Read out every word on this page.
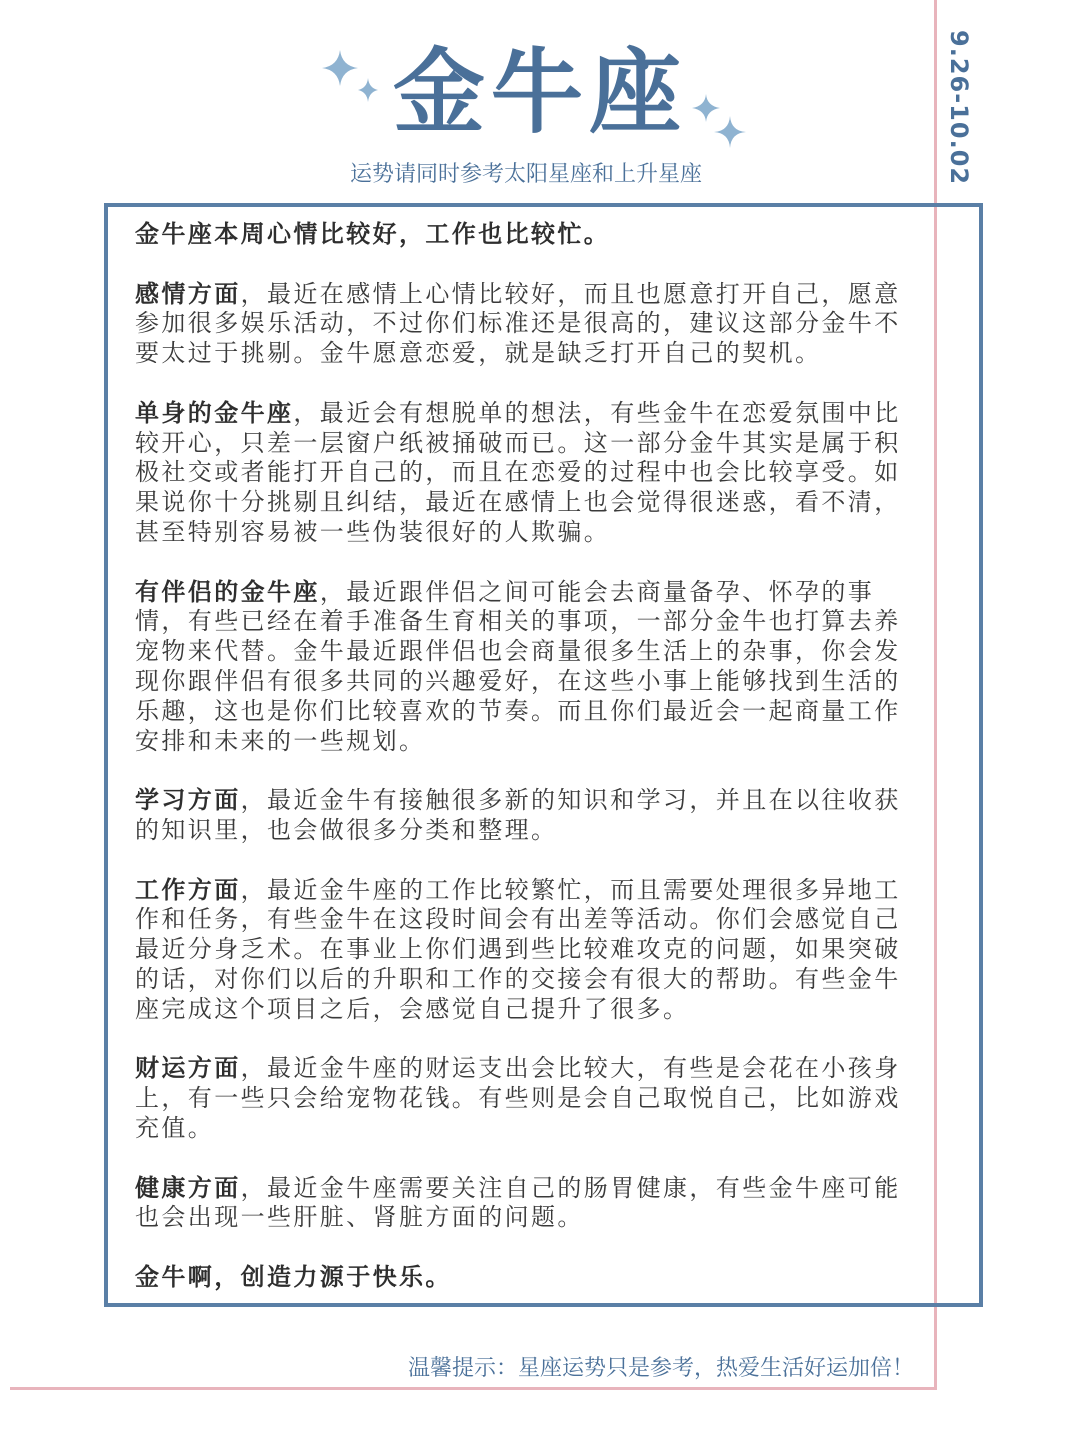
金牛座
运势请同时参考太阳星座和上升星座	9.26-10.02

金牛座本周心情比较好，工作也比较忙。

感情方面，最近在感情上心情比较好，而且也愿意打开自己，愿意参加很多娱乐活动，不过你们标准还是很高的，建议这部分金牛不要太过于挑剔。金牛愿意恋爱，就是缺乏打开自己的契机。

单身的金牛座，最近会有想脱单的想法，有些金牛在恋爱氛围中比较开心，只差一层窗户纸被捅破而已。这一部分金牛其实是属于积极社交或者能打开自己的，而且在恋爱的过程中也会比较享受。如果说你十分挑剔且纠结，最近在感情上也会觉得很迷惑，看不清，甚至特别容易被一些伪装很好的人欺骗。

有伴侣的金牛座，最近跟伴侣之间可能会去商量备孕、怀孕的事情，有些已经在着手准备生育相关的事项，一部分金牛也打算去养宠物来代替。金牛最近跟伴侣也会商量很多生活上的杂事，你会发现你跟伴侣有很多共同的兴趣爱好，在这些小事上能够找到生活的乐趣，这也是你们比较喜欢的节奏。而且你们最近会一起商量工作安排和未来的一些规划。

学习方面，最近金牛有接触很多新的知识和学习，并且在以往收获的知识里，也会做很多分类和整理。

工作方面，最近金牛座的工作比较繁忙，而且需要处理很多异地工作和任务，有些金牛在这段时间会有出差等活动。你们会感觉自己最近分身乏术。在事业上你们遇到些比较难攻克的问题，如果突破的话，对你们以后的升职和工作的交接会有很大的帮助。有些金牛座完成这个项目之后，会感觉自己提升了很多。

财运方面，最近金牛座的财运支出会比较大，有些是会花在小孩身上，有一些只会给宠物花钱。有些则是会自己取悦自己，比如游戏充值。

健康方面，最近金牛座需要关注自己的肠胃健康，有些金牛座可能也会出现一些肝脏、肾脏方面的问题。

金牛啊，创造力源于快乐。

温馨提示：星座运势只是参考，热爱生活好运加倍！
